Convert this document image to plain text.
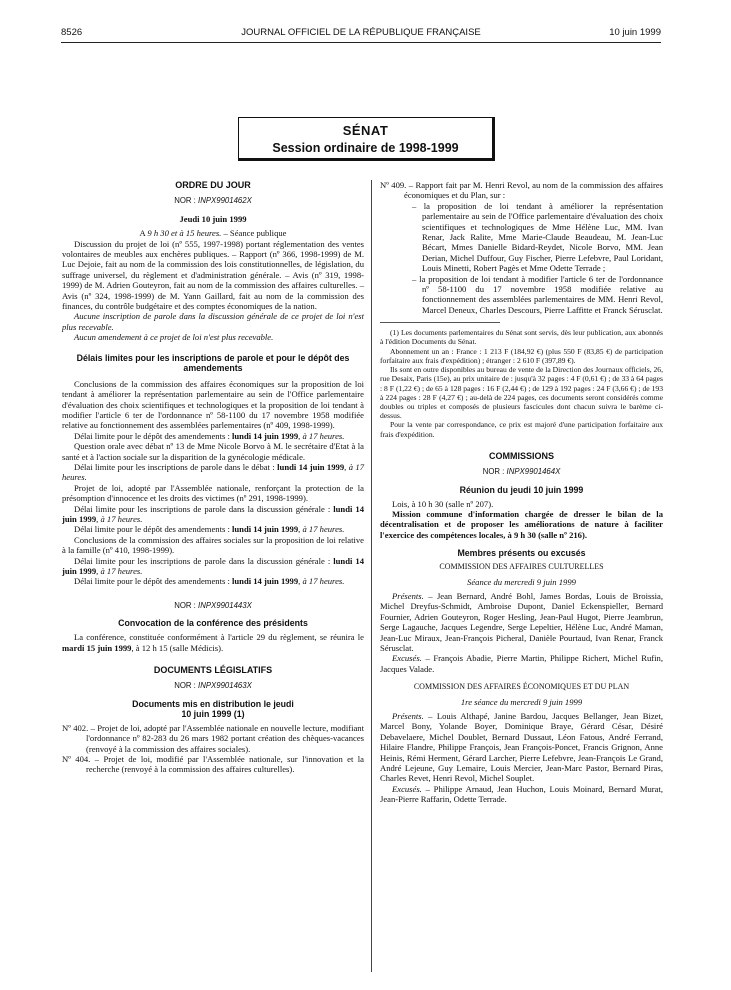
8526	JOURNAL OFFICIEL DE LA RÉPUBLIQUE FRANÇAISE	10 juin 1999
SÉNAT
Session ordinaire de 1998-1999
ORDRE DU JOUR
NOR : INPX9901462X
Jeudi 10 juin 1999
A 9 h 30 et à 15 heures. – Séance publique

Discussion du projet de loi (nº 555, 1997-1998) portant réglementation des ventes volontaires de meubles aux enchères publiques. – Rapport (nº 366, 1998-1999) de M. Luc Dejoie, fait au nom de la commission des lois constitutionnelles, de législation, du suffrage universel, du règlement et d'administration générale. – Avis (nº 319, 1998-1999) de M. Adrien Gouteyron, fait au nom de la commission des affaires culturelles. – Avis (nº 324, 1998-1999) de M. Yann Gaillard, fait au nom de la commission des finances, du contrôle budgétaire et des comptes économiques de la nation.

Aucune inscription de parole dans la discussion générale de ce projet de loi n'est plus recevable.

Aucun amendement à ce projet de loi n'est plus recevable.

Délais limites pour les inscriptions de parole et pour le dépôt des amendements

Conclusions de la commission des affaires économiques sur la proposition de loi tendant à améliorer la représentation parlementaire au sein de l'Office parlementaire d'évaluation des choix scientifiques et technologiques et la proposition de loi tendant à modifier l'article 6 ter de l'ordonnance nº 58-1100 du 17 novembre 1958 modifiée relative au fonctionnement des assemblées parlementaires (nº 409, 1998-1999).

Délai limite pour le dépôt des amendements : lundi 14 juin 1999, à 17 heures.

Question orale avec débat nº 13 de Mme Nicole Borvo à M. le secrétaire d'Etat à la santé et à l'action sociale sur la disparition de la gynécologie médicale.

Délai limite pour les inscriptions de parole dans le débat : lundi 14 juin 1999, à 17 heures.

Projet de loi, adopté par l'Assemblée nationale, renforçant la protection de la présomption d'innocence et les droits des victimes (nº 291, 1998-1999).

Délai limite pour les inscriptions de parole dans la discussion générale : lundi 14 juin 1999, à 17 heures.

Délai limite pour le dépôt des amendements : lundi 14 juin 1999, à 17 heures.

Conclusions de la commission des affaires sociales sur la proposition de loi relative à la famille (nº 410, 1998-1999).

Délai limite pour les inscriptions de parole dans la discussion générale : lundi 14 juin 1999, à 17 heures.

Délai limite pour le dépôt des amendements : lundi 14 juin 1999, à 17 heures.

NOR : INPX9901443X
Convocation de la conférence des présidents

La conférence, constituée conformément à l'article 29 du règlement, se réunira le mardi 15 juin 1999, à 12 h 15 (salle Médicis).

DOCUMENTS LÉGISLATIFS
NOR : INPX9901463X
Documents mis en distribution le jeudi 10 juin 1999 (1)

Nº 402. – Projet de loi, adopté par l'Assemblée nationale en nouvelle lecture, modifiant l'ordonnance nº 82-283 du 26 mars 1982 portant création des chèques-vacances (renvoyé à la commission des affaires sociales).

Nº 404. – Projet de loi, modifié par l'Assemblée nationale, sur l'innovation et la recherche (renvoyé à la commission des affaires culturelles).

Nº 409. – Rapport fait par M. Henri Revol, au nom de la commission des affaires économiques et du Plan, sur :

– la proposition de loi tendant à améliorer la représentation parlementaire au sein de l'Office parlementaire d'évaluation des choix scientifiques et technologiques de Mme Hélène Luc, MM. Ivan Renar, Jack Ralite, Mme Marie-Claude Beaudeau, M. Jean-Luc Bécart, Mmes Danielle Bidard-Reydet, Nicole Borvo, MM. Jean Derian, Michel Duffour, Guy Fischer, Pierre Lefebvre, Paul Loridant, Louis Minetti, Robert Pagès et Mme Odette Terrade ;

– la proposition de loi tendant à modifier l'article 6 ter de l'ordonnance nº 58-1100 du 17 novembre 1958 modifiée relative au fonctionnement des assemblées parlementaires de MM. Henri Revol, Marcel Deneux, Charles Descours, Pierre Laffitte et Franck Sérusclat.

(1) Les documents parlementaires du Sénat sont servis, dès leur publication, aux abonnés à l'édition Documents du Sénat.

Abonnement un an : France : 1 213 F (184,92 €) (plus 550 F (83,85 €) de participation forfaitaire aux frais d'expédition) ; étranger : 2 610 F (397,89 €).

Ils sont en outre disponibles au bureau de vente de la Direction des Journaux officiels, 26, rue Desaix, Paris (15e), au prix unitaire de : jusqu'à 32 pages : 4 F (0,61 €) ; de 33 à 64 pages : 8 F (1,22 €) ; de 65 à 128 pages : 16 F (2,44 €) ; de 129 à 192 pages : 24 F (3,66 €) ; de 193 à 224 pages : 28 F (4,27 €) ; au-delà de 224 pages, ces documents seront considérés comme doubles ou triples et composés de plusieurs fascicules dont chacun suivra le barème ci-dessus.

Pour la vente par correspondance, ce prix est majoré d'une participation forfaitaire aux frais d'expédition.

COMMISSIONS
NOR : INPX9901464X
Réunion du jeudi 10 juin 1999

Lois, à 10 h 30 (salle nº 207).

Mission commune d'information chargée de dresser le bilan de la décentralisation et de proposer les améliorations de nature à faciliter l'exercice des compétences locales, à 9 h 30 (salle nº 216).

Membres présents ou excusés
COMMISSION DES AFFAIRES CULTURELLES
Séance du mercredi 9 juin 1999

Présents. – Jean Bernard, André Bohl, James Bordas, Louis de Broissia, Michel Dreyfus-Schmidt, Ambroise Dupont, Daniel Eckenspieller, Bernard Fournier, Adrien Gouteyron, Roger Hesling, Jean-Paul Hugot, Pierre Jeambrun, Serge Lagauche, Jacques Legendre, Serge Lepeltier, Hélène Luc, André Maman, Jean-Luc Miraux, Jean-François Picheral, Danièle Pourtaud, Ivan Renar, Franck Sérusclat.

Excusés. – François Abadie, Pierre Martin, Philippe Richert, Michel Rufin, Jacques Valade.

COMMISSION DES AFFAIRES ÉCONOMIQUES ET DU PLAN
1re séance du mercredi 9 juin 1999

Présents. – Louis Althapé, Janine Bardou, Jacques Bellanger, Jean Bizet, Marcel Bony, Yolande Boyer, Dominique Braye, Gérard César, Désiré Debavelaere, Michel Doublet, Bernard Dussaut, Léon Fatous, André Ferrand, Hilaire Flandre, Philippe François, Jean François-Poncet, Francis Grignon, Anne Heinis, Rémi Herment, Gérard Larcher, Pierre Lefebvre, Jean-François Le Grand, André Lejeune, Guy Lemaire, Louis Mercier, Jean-Marc Pastor, Bernard Piras, Charles Revet, Henri Revol, Michel Souplet.

Excusés. – Philippe Arnaud, Jean Huchon, Louis Moinard, Bernard Murat, Jean-Pierre Raffarin, Odette Terrade.
